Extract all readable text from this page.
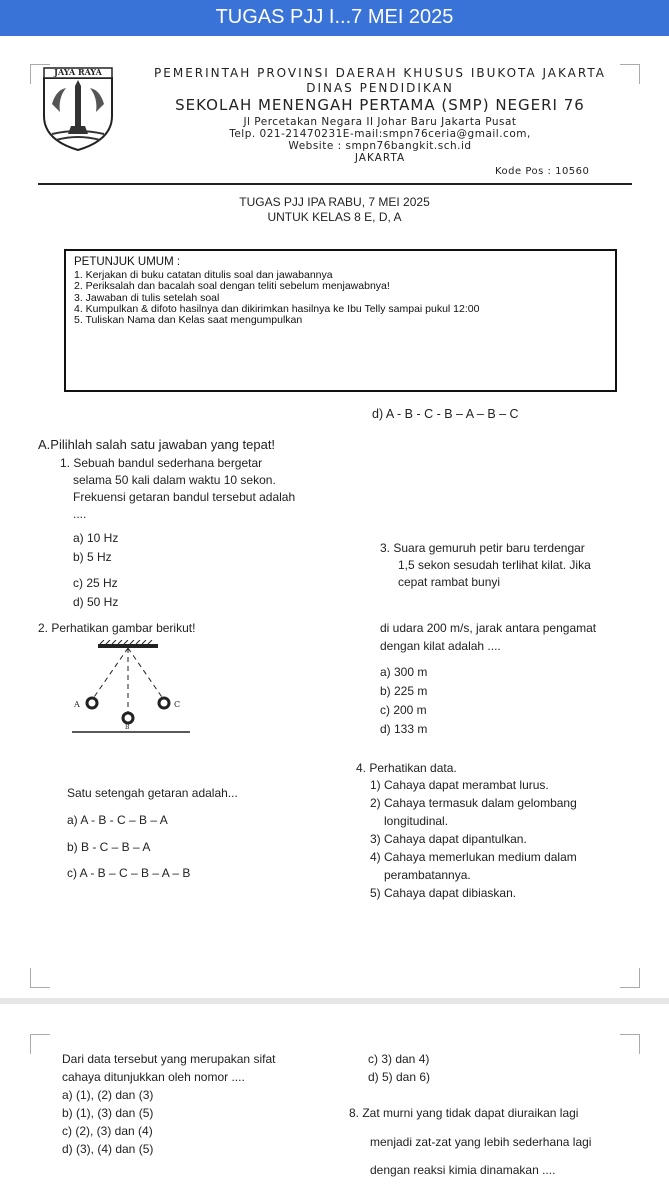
TUGAS PJJ I...7 MEI 2025
JAYA RAYA	PEMERINTAH PROVINSI DAERAH KHUSUS IBUKOTA JAKARTA
DINAS PENDIDIKAN
SEKOLAH MENENGAH PERTAMA (SMP) NEGERI 76
Jl Percetakan Negara II Johar Baru Jakarta Pusat
Telp. 021-21470231E-mail:smpn76ceria@gmail.com,
Website : smpn76bangkit.sch.id
JAKARTA
Kode Pos : 10560
TUGAS PJJ IPA RABU, 7 MEI 2025
UNTUK KELAS 8 E, D, A
PETUNJUK UMUM :
1. Kerjakan di buku catatan ditulis soal dan jawabannya
2. Periksalah dan bacalah soal dengan teliti sebelum menjawabnya!
3. Jawaban di tulis setelah soal
4. Kumpulkan & difoto hasilnya dan dikirimkan hasilnya ke Ibu Telly sampai pukul 12:00
5. Tuliskan Nama dan Kelas saat mengumpulkan
d) A - B - C - B – A – B – C
A.Pilihlah salah satu jawaban yang tepat!
1. Sebuah bandul sederhana bergetar
selama 50 kali dalam waktu 10 sekon.
Frekuensi getaran bandul tersebut adalah
....
a) 10 Hz
b) 5 Hz
c) 25 Hz
d) 50 Hz
3. Suara gemuruh petir baru terdengar
1,5 sekon sesudah terlihat kilat. Jika
cepat rambat bunyi
di udara 200 m/s, jarak antara pengamat
dengan kilat adalah ....
a) 300 m
b) 225 m
c) 200 m
d) 133 m
2. Perhatikan gambar berikut!
A
B
C
Satu setengah getaran adalah...
a) A - B - C – B – A
b) B - C – B – A
c) A - B – C – B – A – B
4. Perhatikan data.
1) Cahaya dapat merambat lurus.
2) Cahaya termasuk dalam gelombang
longitudinal.
3) Cahaya dapat dipantulkan.
4) Cahaya memerlukan medium dalam
perambatannya.
5) Cahaya dapat dibiaskan.
Dari data tersebut yang merupakan sifat
cahaya ditunjukkan oleh nomor ....
a) (1), (2) dan (3)
b) (1), (3) dan (5)
c) (2), (3) dan (4)
d) (3), (4) dan (5)
c) 3) dan 4)
d) 5) dan 6)
8. Zat murni yang tidak dapat diuraikan lagi
menjadi zat-zat yang lebih sederhana lagi
dengan reaksi kimia dinamakan ....
